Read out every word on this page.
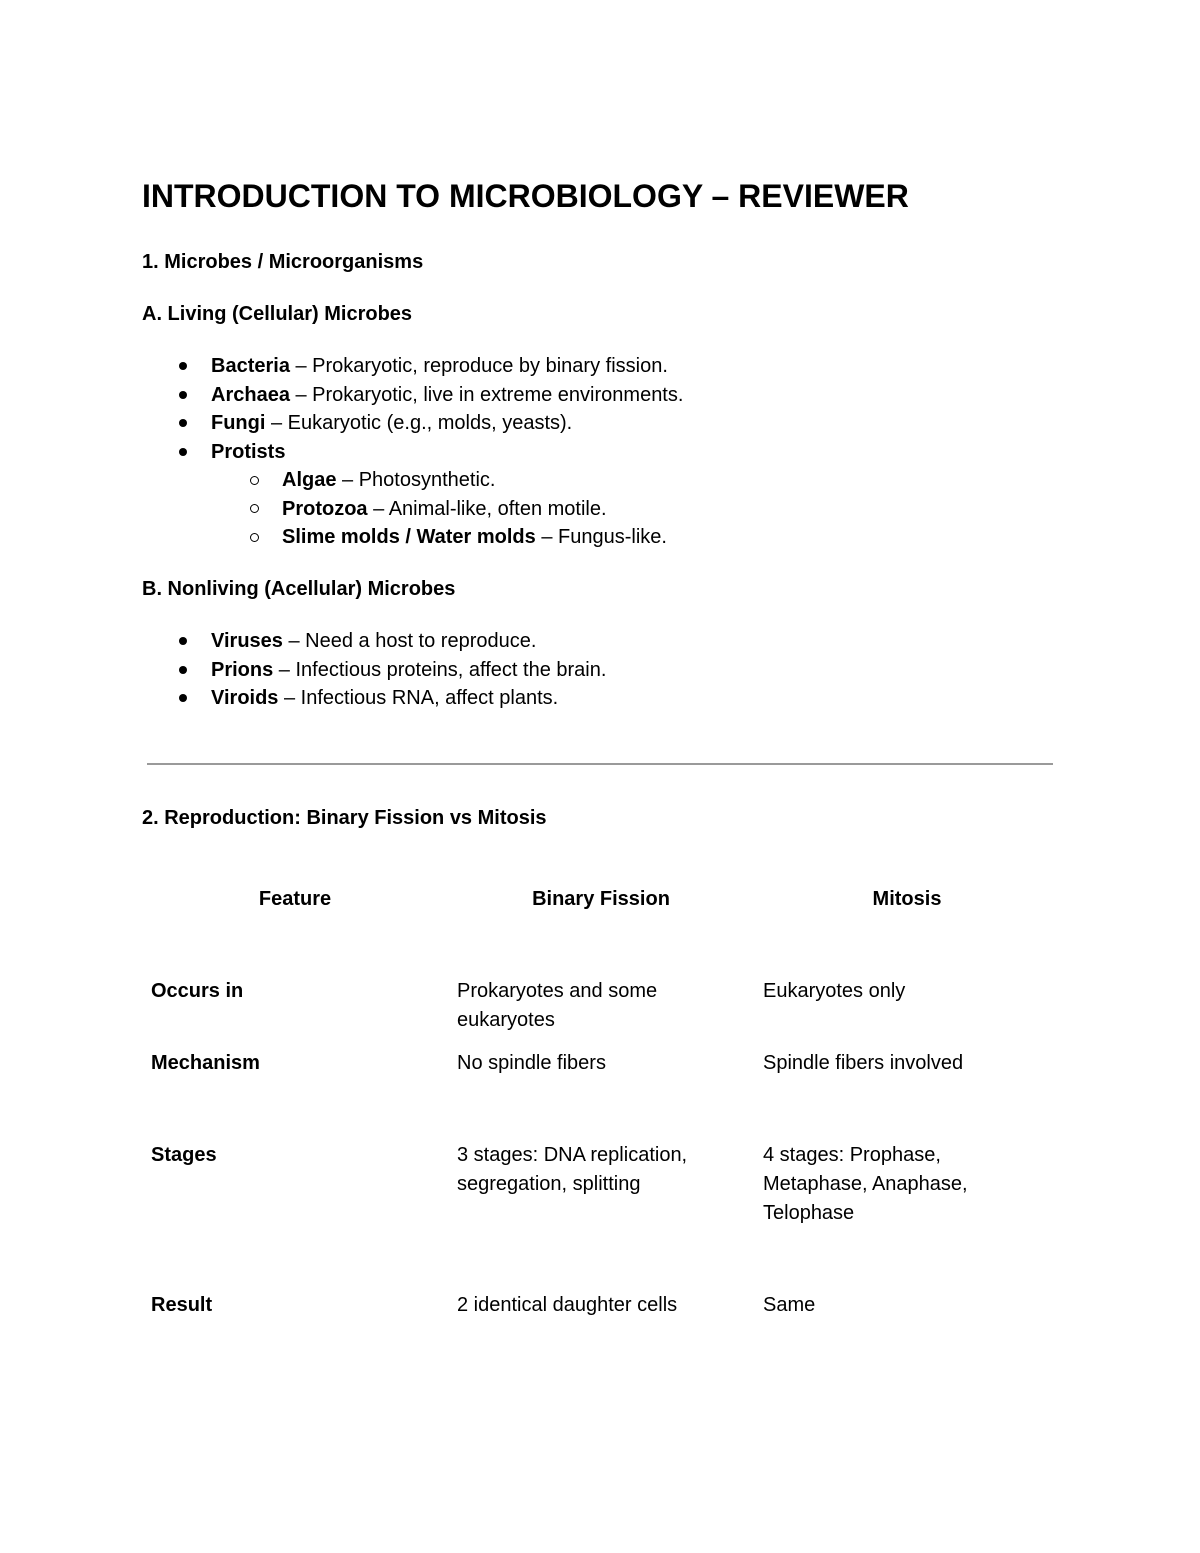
INTRODUCTION TO MICROBIOLOGY – REVIEWER
1. Microbes / Microorganisms
A. Living (Cellular) Microbes
Bacteria – Prokaryotic, reproduce by binary fission.
Archaea – Prokaryotic, live in extreme environments.
Fungi – Eukaryotic (e.g., molds, yeasts).
Protists
Algae – Photosynthetic.
Protozoa – Animal-like, often motile.
Slime molds / Water molds – Fungus-like.
B. Nonliving (Acellular) Microbes
Viruses – Need a host to reproduce.
Prions – Infectious proteins, affect the brain.
Viroids – Infectious RNA, affect plants.
2. Reproduction: Binary Fission vs Mitosis
Feature	Binary Fission	Mitosis
Occurs in	Prokaryotes and some eukaryotes	Eukaryotes only
Mechanism	No spindle fibers	Spindle fibers involved
Stages	3 stages: DNA replication, segregation, splitting	4 stages: Prophase, Metaphase, Anaphase, Telophase
Result	2 identical daughter cells	Same
